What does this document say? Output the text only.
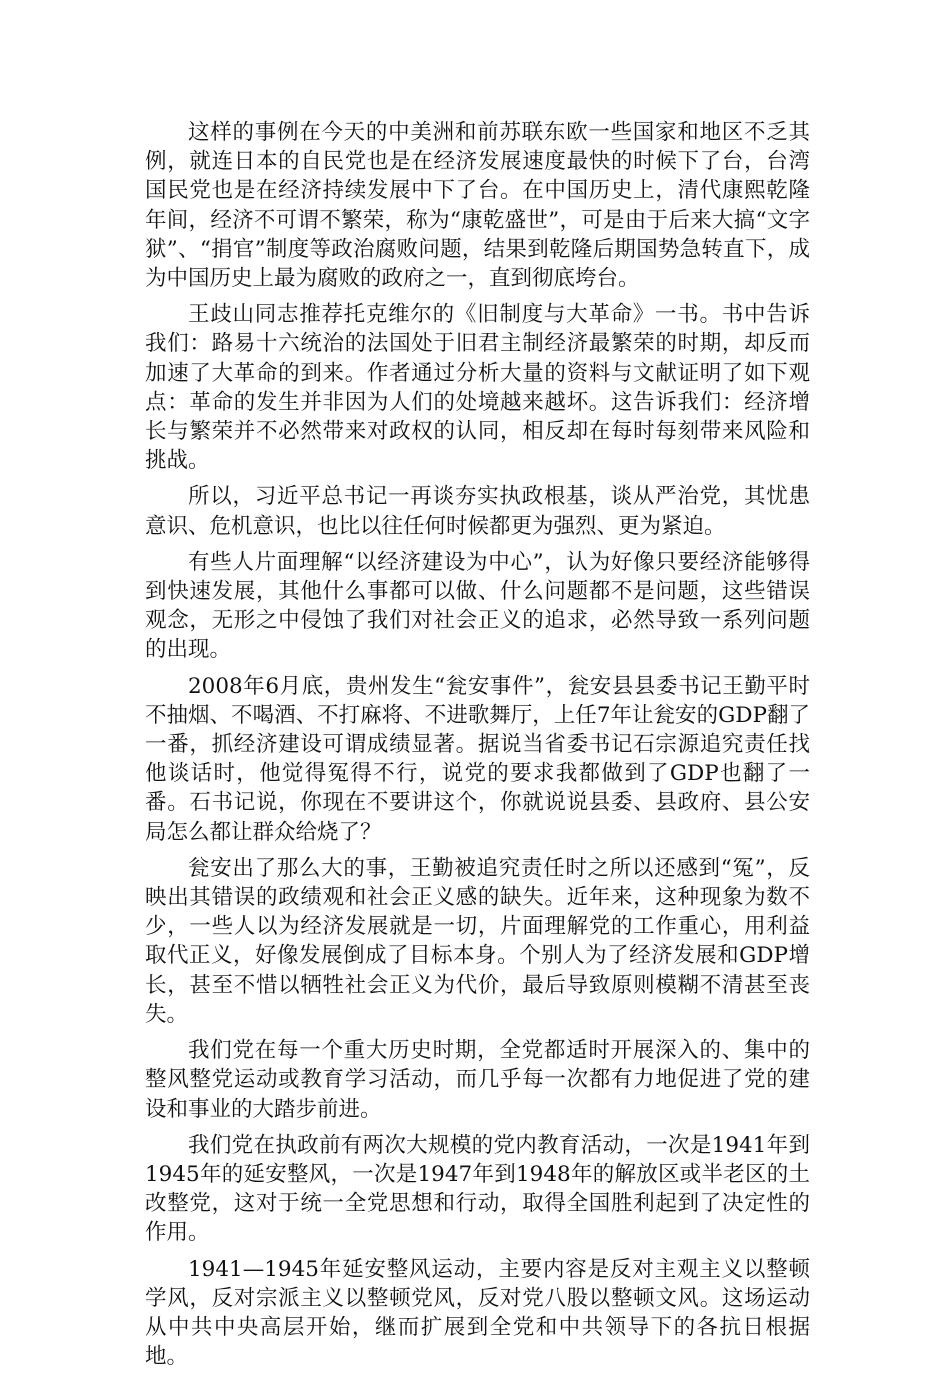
这样的事例在今天的中美洲和前苏联东欧一些国家和地区不乏其例，就连日本的自民党也是在经济发展速度最快的时候下了台，台湾国民党也是在经济持续发展中下了台。在中国历史上，清代康熙乾隆年间，经济不可谓不繁荣，称为“康乾盛世”，可是由于后来大搞“文字狱”、“捐官”制度等政治腐败问题，结果到乾隆后期国势急转直下，成为中国历史上最为腐败的政府之一，直到彻底垮台。

王歧山同志推荐托克维尔的《旧制度与大革命》一书。书中告诉我们：路易十六统治的法国处于旧君主制经济最繁荣的时期，却反而加速了大革命的到来。作者通过分析大量的资料与文献证明了如下观点：革命的发生并非因为人们的处境越来越坏。这告诉我们：经济增长与繁荣并不必然带来对政权的认同，相反却在每时每刻带来风险和挑战。

所以，习近平总书记一再谈夯实执政根基，谈从严治党，其忧患意识、危机意识，也比以往任何时候都更为强烈、更为紧迫。

有些人片面理解“以经济建设为中心”，认为好像只要经济能够得到快速发展，其他什么事都可以做、什么问题都不是问题，这些错误观念，无形之中侵蚀了我们对社会正义的追求，必然导致一系列问题的出现。

2008年6月底，贵州发生“瓮安事件”，瓮安县县委书记王勤平时不抽烟、不喝酒、不打麻将、不进歌舞厅，上任7年让瓮安的GDP翻了一番，抓经济建设可谓成绩显著。据说当省委书记石宗源追究责任找他谈话时，他觉得冤得不行，说党的要求我都做到了GDP也翻了一番。石书记说，你现在不要讲这个，你就说说县委、县政府、县公安局怎么都让群众给烧了？

瓮安出了那么大的事，王勤被追究责任时之所以还感到“冤”，反映出其错误的政绩观和社会正义感的缺失。近年来，这种现象为数不少，一些人以为经济发展就是一切，片面理解党的工作重心，用利益取代正义，好像发展倒成了目标本身。个别人为了经济发展和GDP增长，甚至不惜以牺牲社会正义为代价，最后导致原则模糊不清甚至丧失。

我们党在每一个重大历史时期，全党都适时开展深入的、集中的整风整党运动或教育学习活动，而几乎每一次都有力地促进了党的建设和事业的大踏步前进。

我们党在执政前有两次大规模的党内教育活动，一次是1941年到1945年的延安整风，一次是1947年到1948年的解放区或半老区的土改整党，这对于统一全党思想和行动，取得全国胜利起到了决定性的作用。

1941—1945年延安整风运动，主要内容是反对主观主义以整顿学风，反对宗派主义以整顿党风，反对党八股以整顿文风。这场运动从中共中央高层开始，继而扩展到全党和中共领导下的各抗日根据地。
